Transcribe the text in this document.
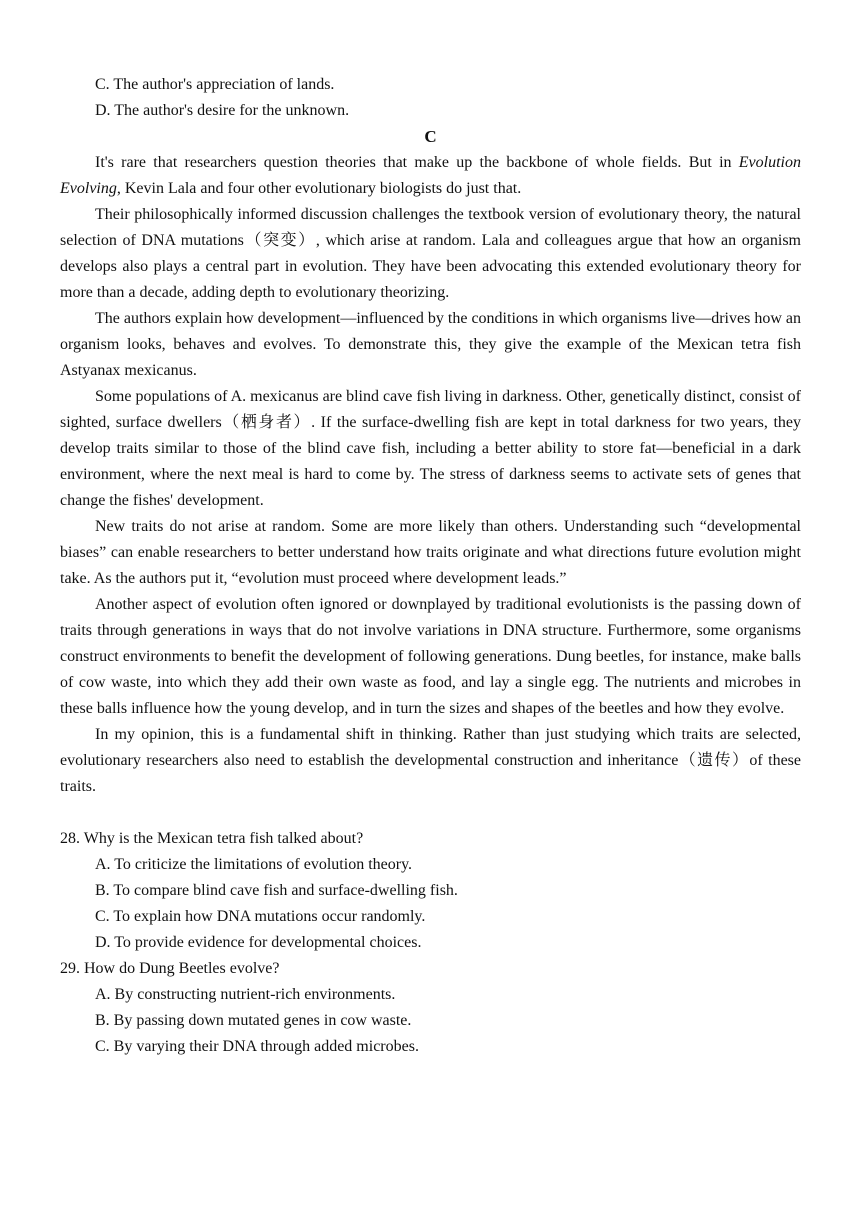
C. The author's appreciation of lands.
D. The author's desire for the unknown.
C
It's rare that researchers question theories that make up the backbone of whole fields. But in Evolution Evolving, Kevin Lala and four other evolutionary biologists do just that.
Their philosophically informed discussion challenges the textbook version of evolutionary theory, the natural selection of DNA mutations（突变）, which arise at random. Lala and colleagues argue that how an organism develops also plays a central part in evolution. They have been advocating this extended evolutionary theory for more than a decade, adding depth to evolutionary theorizing.
The authors explain how development—influenced by the conditions in which organisms live—drives how an organism looks, behaves and evolves. To demonstrate this, they give the example of the Mexican tetra fish Astyanax mexicanus.
Some populations of A. mexicanus are blind cave fish living in darkness. Other, genetically distinct, consist of sighted, surface dwellers（栖身者）. If the surface-dwelling fish are kept in total darkness for two years, they develop traits similar to those of the blind cave fish, including a better ability to store fat—beneficial in a dark environment, where the next meal is hard to come by. The stress of darkness seems to activate sets of genes that change the fishes' development.
New traits do not arise at random. Some are more likely than others. Understanding such “developmental biases” can enable researchers to better understand how traits originate and what directions future evolution might take. As the authors put it, “evolution must proceed where development leads.”
Another aspect of evolution often ignored or downplayed by traditional evolutionists is the passing down of traits through generations in ways that do not involve variations in DNA structure. Furthermore, some organisms construct environments to benefit the development of following generations. Dung beetles, for instance, make balls of cow waste, into which they add their own waste as food, and lay a single egg. The nutrients and microbes in these balls influence how the young develop, and in turn the sizes and shapes of the beetles and how they evolve.
In my opinion, this is a fundamental shift in thinking. Rather than just studying which traits are selected, evolutionary researchers also need to establish the developmental construction and inheritance（遗传）of these traits.
28. Why is the Mexican tetra fish talked about?
A. To criticize the limitations of evolution theory.
B. To compare blind cave fish and surface-dwelling fish.
C. To explain how DNA mutations occur randomly.
D. To provide evidence for developmental choices.
29. How do Dung Beetles evolve?
A. By constructing nutrient-rich environments.
B. By passing down mutated genes in cow waste.
C. By varying their DNA through added microbes.
